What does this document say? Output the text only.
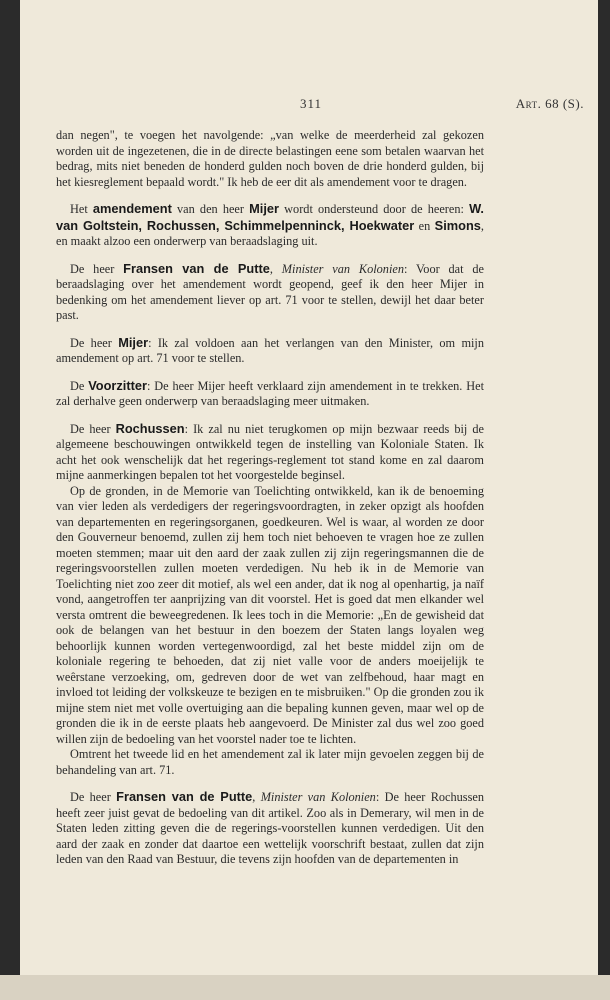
311	Art. 68 (S).

dan negen", te voegen het navolgende: „van welke de meerderheid zal gekozen worden uit de ingezetenen, die in de directe belastingen eene som betalen waarvan het bedrag, mits niet beneden de honderd gulden noch boven de drie honderd gulden, bij het kiesreglement bepaald wordt." Ik heb de eer dit als amendement voor te dragen.

Het amendement van den heer Mijer wordt ondersteund door de heeren: W. van Goltstein, Rochussen, Schimmelpenninck, Hoekwater en Simons, en maakt alzoo een onderwerp van beraadslaging uit.

De heer Fransen van de Putte, Minister van Kolonien: Voor dat de beraadslaging over het amendement wordt geopend, geef ik den heer Mijer in bedenking om het amendement liever op art. 71 voor te stellen, dewijl het daar beter past.

De heer Mijer: Ik zal voldoen aan het verlangen van den Minister, om mijn amendement op art. 71 voor te stellen.

De Voorzitter: De heer Mijer heeft verklaard zijn amendement in te trekken. Het zal derhalve geen onderwerp van beraadslaging meer uitmaken.

De heer Rochussen: Ik zal nu niet terugkomen op mijn bezwaar reeds bij de algemeene beschouwingen ontwikkeld tegen de instelling van Koloniale Staten. Ik acht het ook wenschelijk dat het regerings-reglement tot stand kome en zal daarom mijne aanmerkingen bepalen tot het voorgestelde beginsel.

Op de gronden, in de Memorie van Toelichting ontwikkeld, kan ik de benoeming van vier leden als verdedigers der regeringsvoordragten, in zeker opzigt als hoofden van departementen en regeringsorganen, goedkeuren. Wel is waar, al worden ze door den Gouverneur benoemd, zullen zij hem toch niet behoeven te vragen hoe ze zullen moeten stemmen; maar uit den aard der zaak zullen zij zijn regeringsmannen die de regeringsvoorstellen zullen moeten verdedigen. Nu heb ik in de Memorie van Toelichting niet zoo zeer dit motief, als wel een ander, dat ik nog al openhartig, ja naïf vond, aangetroffen ter aanprijzing van dit voorstel. Het is goed dat men elkander wel versta omtrent die beweegredenen. Ik lees toch in die Memorie: „En de gewisheid dat ook de belangen van het bestuur in den boezem der Staten langs loyalen weg behoorlijk kunnen worden vertegenwoordigd, zal het beste middel zijn om de koloniale regering te behoeden, dat zij niet valle voor de anders moeijelijk te weêrstane verzoeking, om, gedreven door de wet van zelfbehoud, haar magt en invloed tot leiding der volkskeuze te bezigen en te misbruiken." Op die gronden zou ik mijne stem niet met volle overtuiging aan die bepaling kunnen geven, maar wel op de gronden die ik in de eerste plaats heb aangevoerd. De Minister zal dus wel zoo goed willen zijn de bedoeling van het voorstel nader toe te lichten.

Omtrent het tweede lid en het amendement zal ik later mijn gevoelen zeggen bij de behandeling van art. 71.

De heer Fransen van de Putte, Minister van Kolonien: De heer Rochussen heeft zeer juist gevat de bedoeling van dit artikel. Zoo als in Demerary, wil men in de Staten leden zitting geven die de regerings-voorstellen kunnen verdedigen. Uit den aard der zaak en zonder dat daartoe een wettelijk voorschrift bestaat, zullen dat zijn leden van den Raad van Bestuur, die tevens zijn hoofden van de departementen in
